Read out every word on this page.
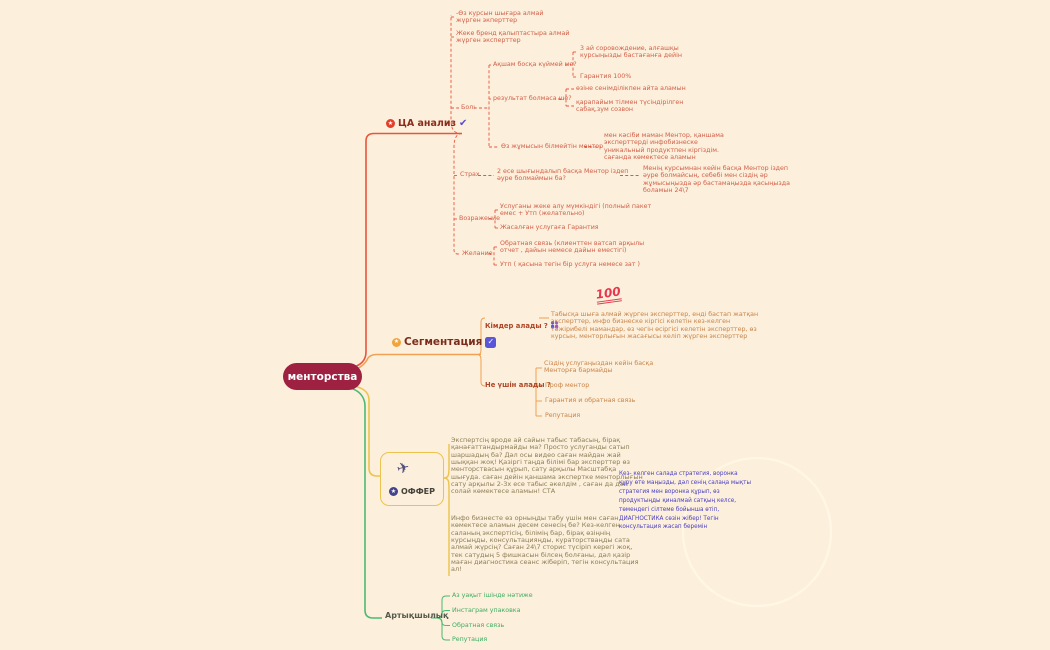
менторства
★ ЦА анализ ✔
-Өз курсын шығара алмай жүрген экперттер
Жеке бренд қалыптастыра алмай жүрген эксперттер
Боль
Ақшам босқа күймей ме?
3 ай соровождение, алғашқы курсыңызды бастағанға дейін
Гарантия 100%
результат болмаса ше?
өзіне сенімділікпен айта аламын
қарапайым тілмен түсіндірілген сабақ,зум созвон
Өз жұмысын білмейтін ментор
мен кәсіби маман Ментор, қаншама эксперттерді инфобизнеске уникальный продуктпен кіргіздім. сағанда көмектесе аламын
Страх	2 есе шығындалып басқа Ментор іздеп әуре болмаймын ба?
Менің курсымнан кейін басқа Ментор іздеп әуре болмайсың, себебі мен сіздің әр жұмысыңызда әр бастамаңызда қасыңызда боламын 24\7
Возражение
Услуганы жеке алу мүмкіндігі (полный пакет емес + Утп (желательно)
Жасалған услугаға Гарантия
Желание
Обратная связь (клиенттен ватсап арқылы отчет , дайын немесе дайын еместігі)
Утп ( қасына тегін бір услуга немесе зат )
★ Сегментация ✓
100
Кімдер алады ?
Табысқа шыға алмай жүрген эксперттер, енді бастап жатқан эксперттер, инфо бизнеске кіргісі келетін кез-келген тәжірибелі мамандар, өз чегін өсіргісі келетін эксперттер, өз курсын, менторлығын жасағысы келіп жүрген эксперттер
Не үшін алады ?
Сіздің услугаңыздан кейін басқа Менторға бармайды
Проф ментор
Гарантия и обратная связь
Репутация
✈
★ ОФФЕР
Экспертсің вроде ай сайын табыс табасың, бірақ қанағаттандырмайды ма? Просто услуганды сатып шаршадың ба? Дәл осы видео саған майдан жай шыққан жоқ! Қазіргі таңда білімі бар эксперттер өз менторствасын құрып, сату арқылы Масштабқа шығуда. саған дейін қаншама экспертке менторлығын сату арқылы 2-3х есе табыс әкелдім , саған да дәл солай көмектесе аламын! СТА
Инфо бизнесте өз орныңды табу үшін мен саған көмектесе аламын десем сенесің бе? Кез-келген саланың экспертісің, білімің бар, бірақ өзіңнің курсыңды, консультацияңды, кураторстваңды сата алмай жүрсің? Саған 24\7 сторис түсіріп керегі жоқ, тек сатудың 5 фишкасын білсең болғаны, дәл қазір маған диагностика сеанс жіберіп, тегін консультация ал!
Кез- келген салада стратегия, воронка құру өте маңызды, дәл сенің салаңа мықты стратегия мен воронка құрып, өз продуктыңды қиналмай сатқың келсе, төмендегі сілтеме бойынша өтіп, ДИАГНОСТИКА сөзін жібер! Тегін консультация жасап беремін
Артықшылық
Аз уақыт ішінде нәтиже
Инстаграм упаковка
Обратная связь
Репутация
